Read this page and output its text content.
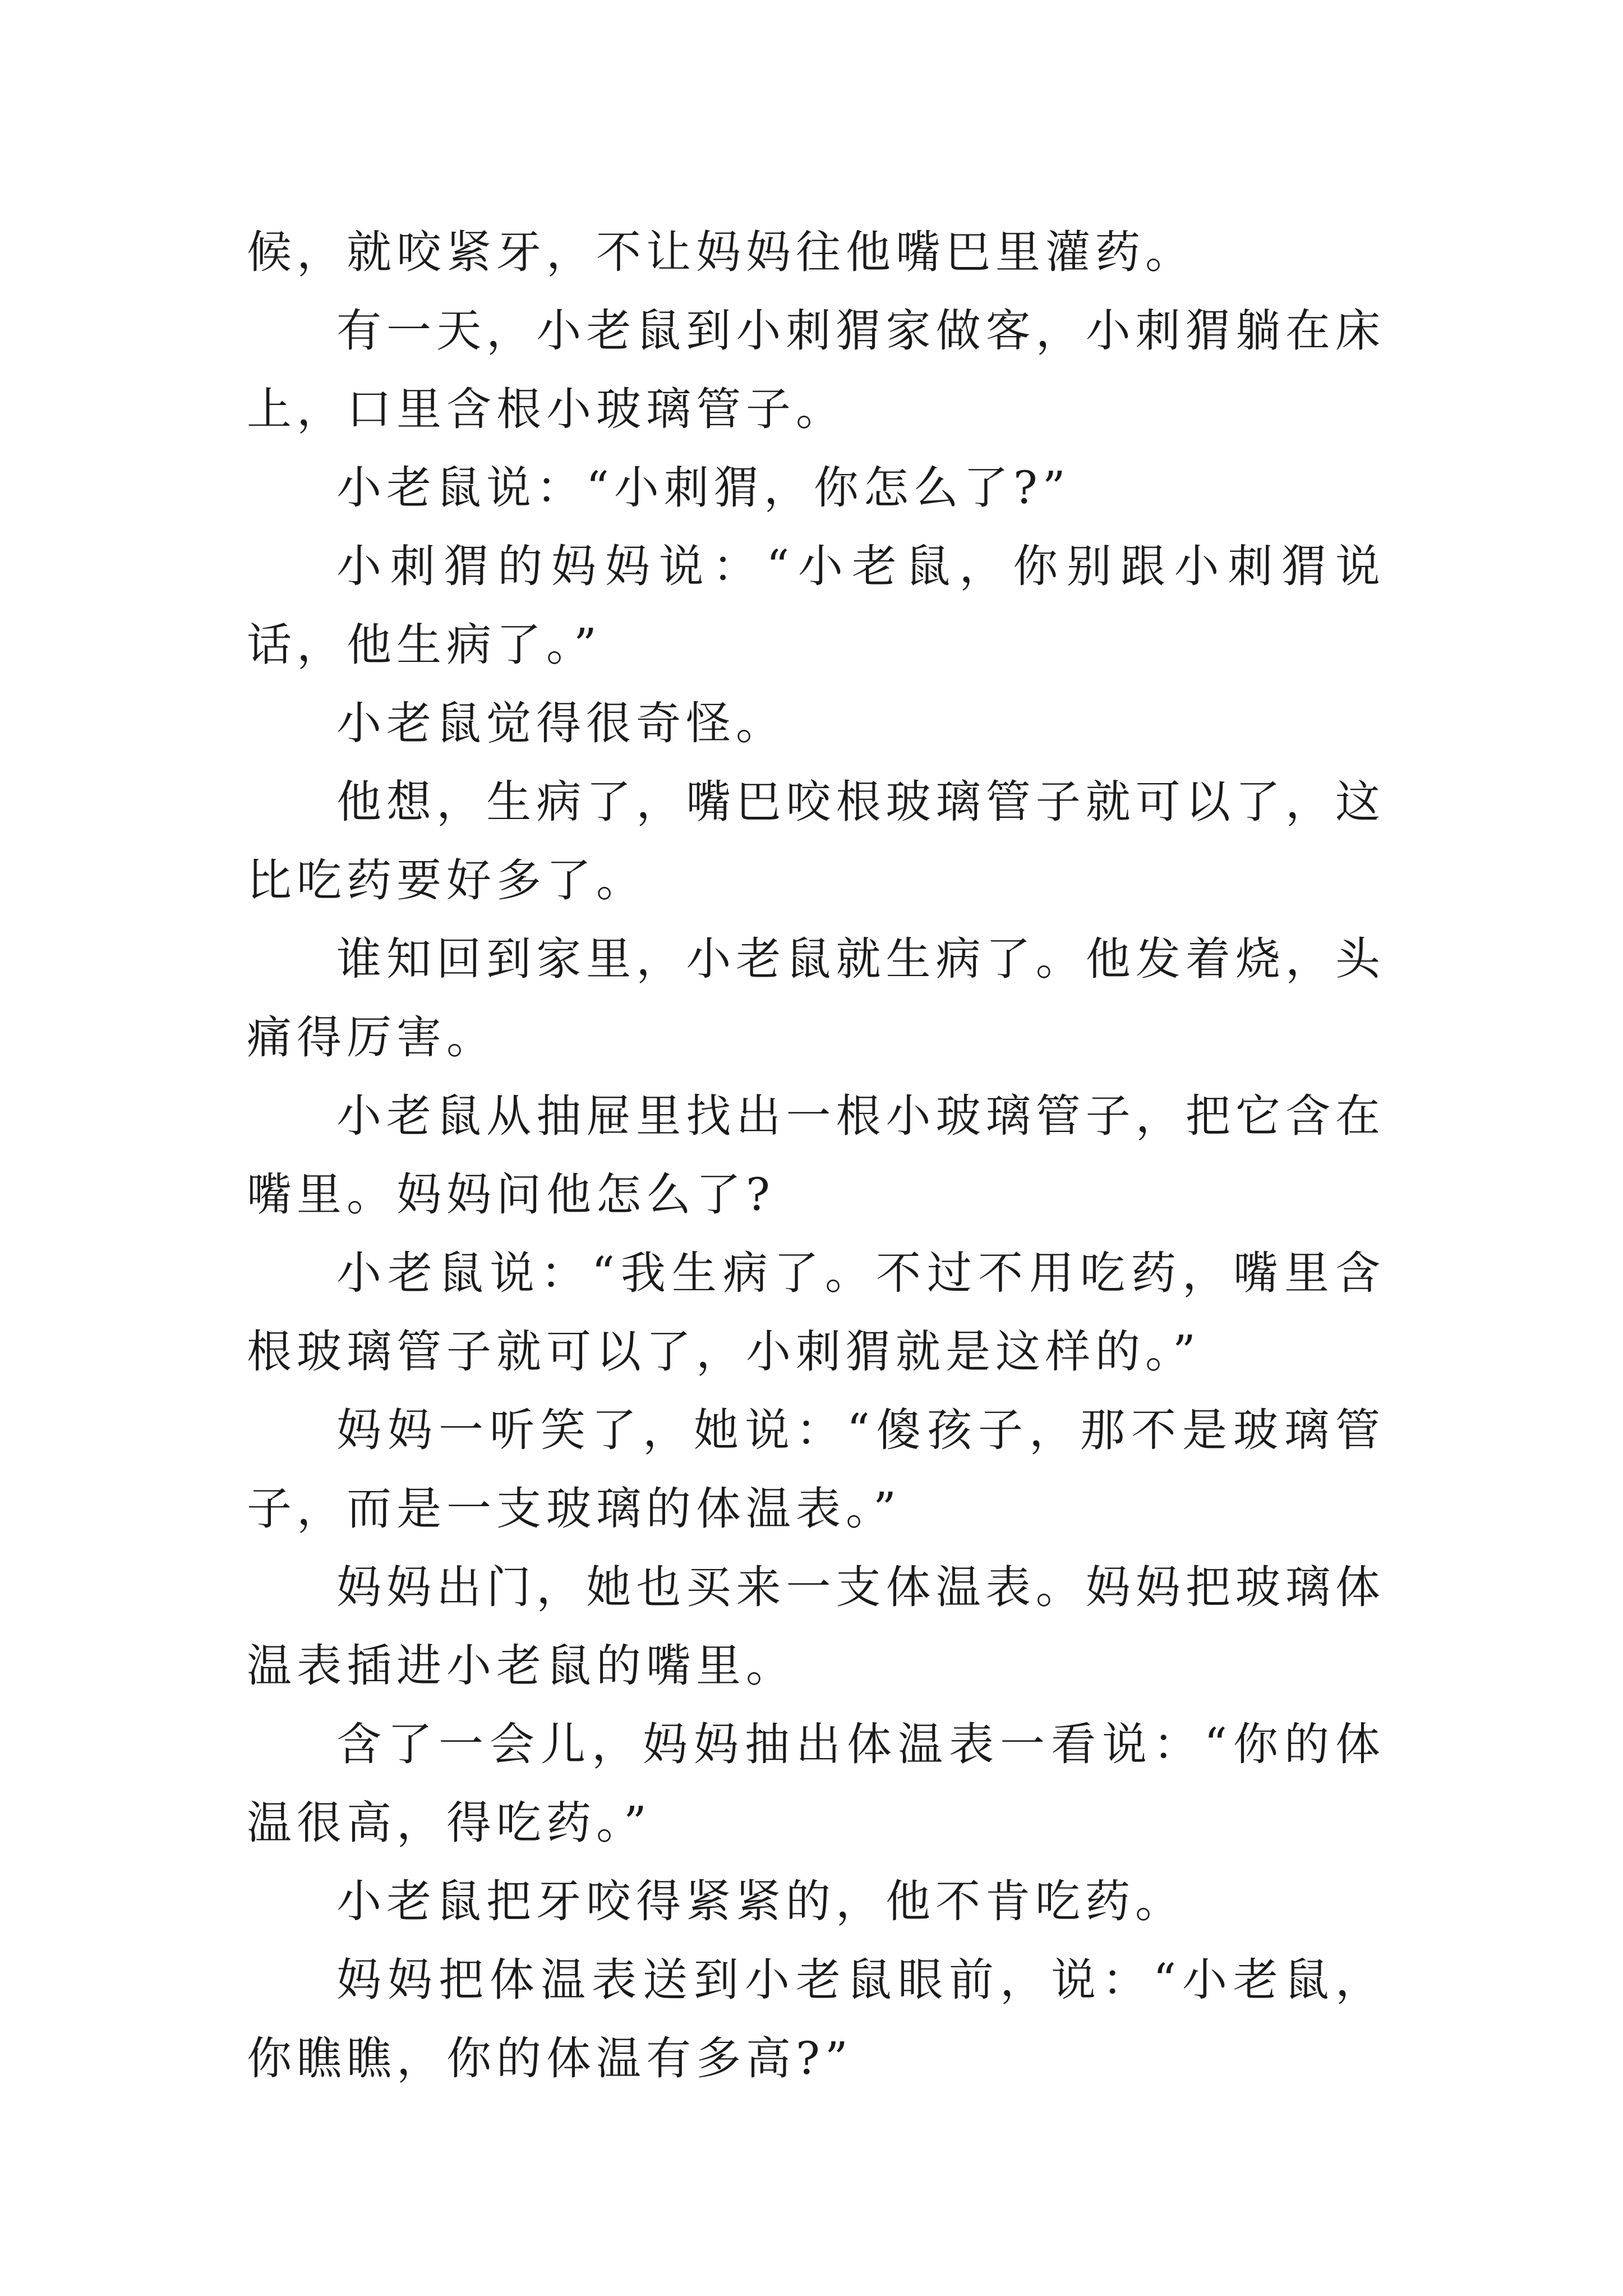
候，就咬紧牙，不让妈妈往他嘴巴里灌药。

有一天，小老鼠到小刺猬家做客，小刺猬躺在床上，口里含根小玻璃管子。

小老鼠说：“小刺猬，你怎么了?”

小刺猬的妈妈说：“小老鼠，你别跟小刺猬说话，他生病了。”

小老鼠觉得很奇怪。

他想，生病了，嘴巴咬根玻璃管子就可以了，这比吃药要好多了。

谁知回到家里，小老鼠就生病了。他发着烧，头痛得厉害。

小老鼠从抽屉里找出一根小玻璃管子，把它含在嘴里。妈妈问他怎么了?

小老鼠说：“我生病了。不过不用吃药，嘴里含根玻璃管子就可以了，小刺猬就是这样的。”

妈妈一听笑了，她说：“傻孩子，那不是玻璃管子，而是一支玻璃的体温表。”

妈妈出门，她也买来一支体温表。妈妈把玻璃体温表插进小老鼠的嘴里。

含了一会儿，妈妈抽出体温表一看说：“你的体温很高，得吃药。”

小老鼠把牙咬得紧紧的，他不肯吃药。

妈妈把体温表送到小老鼠眼前，说：“小老鼠，你瞧瞧，你的体温有多高?”
